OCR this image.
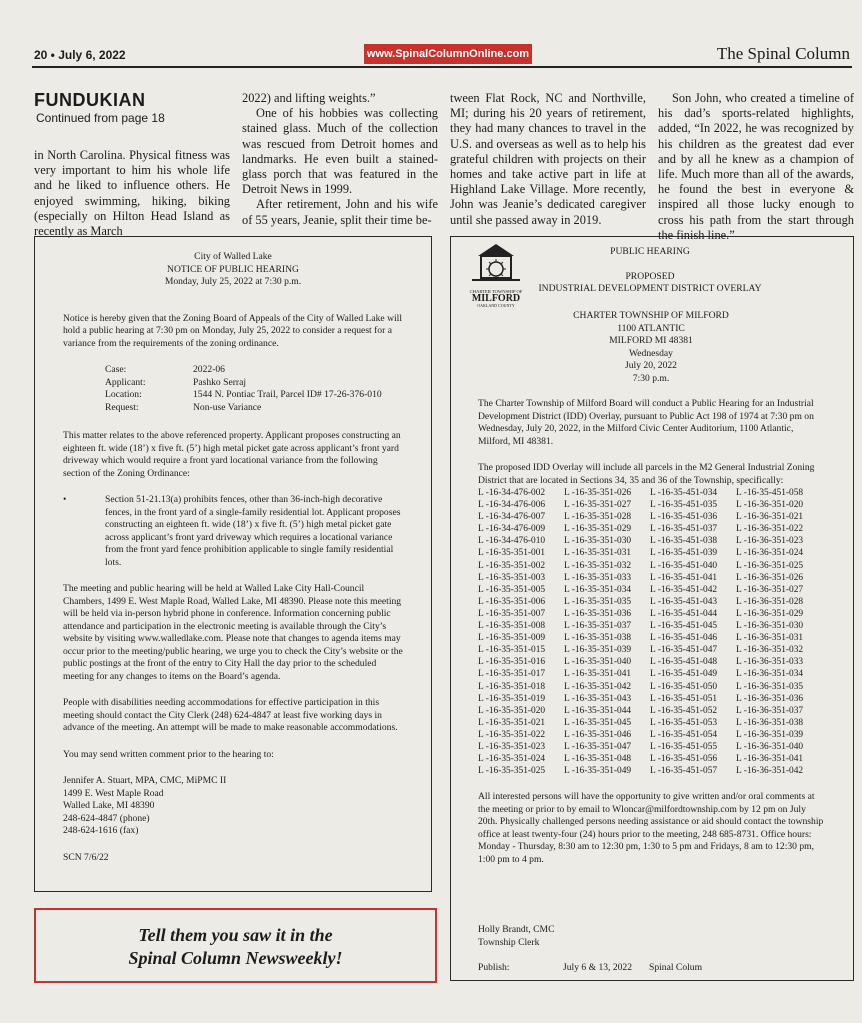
20 • July 6, 2022	www.SpinalColumnOnline.com	The Spinal Column
FUNDUKIAN
Continued from page 18

in North Carolina. Physical fitness was very important to him his whole life and he liked to influence others. He enjoyed swimming, hiking, biking (especially on Hilton Head Island as recently as March

2022) and lifting weights.”

One of his hobbies was collecting stained glass. Much of the collection was rescued from Detroit homes and landmarks. He even built a stained-glass porch that was featured in the Detroit News in 1999.

After retirement, John and his wife of 55 years, Jeanie, split their time be-

tween Flat Rock, NC and Northville, MI; during his 20 years of retirement, they had many chances to travel in the U.S. and overseas as well as to help his grateful children with projects on their homes and take active part in life at Highland Lake Village. More recently, John was Jeanie’s dedicated caregiver until she passed away in 2019.

Son John, who created a timeline of his dad’s sports-related highlights, added, “In 2022, he was recognized by his children as the greatest dad ever and by all he knew as a champion of life. Much more than all of the awards, he found the best in everyone & inspired all those lucky enough to cross his path from the start through the finish line.”

City of Walled Lake
NOTICE OF PUBLIC HEARING
Monday, July 25, 2022 at 7:30 p.m.

Notice is hereby given that the Zoning Board of Appeals of the City of Walled Lake will hold a public hearing at 7:30 pm on Monday, July 25, 2022 to consider a request for a variance from the requirements of the zoning ordinance.

Case:	2022-06
Applicant:	Pashko Serraj
Location:	1544 N. Pontiac Trail, Parcel ID# 17-26-376-010
Request:	Non-use Variance

This matter relates to the above referenced property. Applicant proposes constructing an eighteen ft. wide (18’) x five ft. (5’) high metal picket gate across applicant’s front yard driveway which would require a front yard locational variance from the following section of the Zoning Ordinance:

•	Section 51-21.13(a) prohibits fences, other than 36-inch-high decorative fences, in the front yard of a single-family residential lot. Applicant proposes constructing an eighteen ft. wide (18’) x five ft. (5’) high metal picket gate across applicant’s front yard driveway which requires a locational variance from the front yard fence prohibition applicable to single family residential lots.

The meeting and public hearing will be held at Walled Lake City Hall-Council Chambers, 1499 E. West Maple Road, Walled Lake, MI 48390. Please note this meeting will be held via in-person hybrid phone in conference. Information concerning public attendance and participation in the electronic meeting is available through the City’s website by visiting www.walledlake.com. Please note that changes to agenda items may occur prior to the meeting/public hearing, we urge you to check the City’s website or the public postings at the front of the entry to City Hall the day prior to the scheduled meeting for any changes to items on the Board’s agenda.

People with disabilities needing accommodations for effective participation in this meeting should contact the City Clerk (248) 624-4847 at least five working days in advance of the meeting. An attempt will be made to make reasonable accommodations.

You may send written comment prior to the hearing to:

Jennifer A. Stuart, MPA, CMC, MiPMC II
1499 E. West Maple Road
Walled Lake, MI 48390
248-624-4847 (phone)
248-624-1616 (fax)
SCN 7/6/22
CHARTER TOWNSHIP OF
MILFORD
OAKLAND COUNTY
PUBLIC HEARING
PROPOSED
INDUSTRIAL DEVELOPMENT DISTRICT OVERLAY
CHARTER TOWNSHIP OF MILFORD
1100 ATLANTIC
MILFORD MI 48381
Wednesday
July 20, 2022
7:30 p.m.

The Charter Township of Milford Board will conduct a Public Hearing for an Industrial Development District (IDD) Overlay, pursuant to Public Act 198 of 1974 at 7:30 pm on Wednesday, July 20, 2022, in the Milford Civic Center Auditorium, 1100 Atlantic, Milford, MI 48381.

The proposed IDD Overlay will include all parcels in the M2 General Industrial Zoning District that are located in Sections 34, 35 and 36 of the Township, specifically:

L -16-34-476-002	L -16-35-351-026	L -16-35-451-034	L -16-35-451-058
L -16-34-476-006	L -16-35-351-027	L -16-35-451-035	L -16-36-351-020
L -16-34-476-007	L -16-35-351-028	L -16-35-451-036	L -16-36-351-021
L -16-34-476-009	L -16-35-351-029	L -16-35-451-037	L -16-36-351-022
L -16-34-476-010	L -16-35-351-030	L -16-35-451-038	L -16-36-351-023
L -16-35-351-001	L -16-35-351-031	L -16-35-451-039	L -16-36-351-024
L -16-35-351-002	L -16-35-351-032	L -16-35-451-040	L -16-36-351-025
L -16-35-351-003	L -16-35-351-033	L -16-35-451-041	L -16-36-351-026
L -16-35-351-005	L -16-35-351-034	L -16-35-451-042	L -16-36-351-027
L -16-35-351-006	L -16-35-351-035	L -16-35-451-043	L -16-36-351-028
L -16-35-351-007	L -16-35-351-036	L -16-35-451-044	L -16-36-351-029
L -16-35-351-008	L -16-35-351-037	L -16-35-451-045	L -16-36-351-030
L -16-35-351-009	L -16-35-351-038	L -16-35-451-046	L -16-36-351-031
L -16-35-351-015	L -16-35-351-039	L -16-35-451-047	L -16-36-351-032
L -16-35-351-016	L -16-35-351-040	L -16-35-451-048	L -16-36-351-033
L -16-35-351-017	L -16-35-351-041	L -16-35-451-049	L -16-36-351-034
L -16-35-351-018	L -16-35-351-042	L -16-35-451-050	L -16-36-351-035
L -16-35-351-019	L -16-35-351-043	L -16-35-451-051	L -16-36-351-036
L -16-35-351-020	L -16-35-351-044	L -16-35-451-052	L -16-36-351-037
L -16-35-351-021	L -16-35-351-045	L -16-35-451-053	L -16-36-351-038
L -16-35-351-022	L -16-35-351-046	L -16-35-451-054	L -16-36-351-039
L -16-35-351-023	L -16-35-351-047	L -16-35-451-055	L -16-36-351-040
L -16-35-351-024	L -16-35-351-048	L -16-35-451-056	L -16-36-351-041
L -16-35-351-025	L -16-35-351-049	L -16-35-451-057	L -16-36-351-042

All interested persons will have the opportunity to give written and/or oral comments at the meeting or prior to by email to Wloncar@milfordtownship.com by 12 pm on July 20th. Physically challenged persons needing assistance or aid should contact the township office at least twenty-four (24) hours prior to the meeting, 248 685-8731. Office hours: Monday - Thursday, 8:30 am to 12:30 pm, 1:30 to 5 pm and Fridays, 8 am to 12:30 pm, 1:00 pm to 4 pm.

Holly Brandt, CMC
Township Clerk
Publish:	July 6 & 13, 2022	Spinal Colum
Tell them you saw it in the
Spinal Column Newsweekly!
